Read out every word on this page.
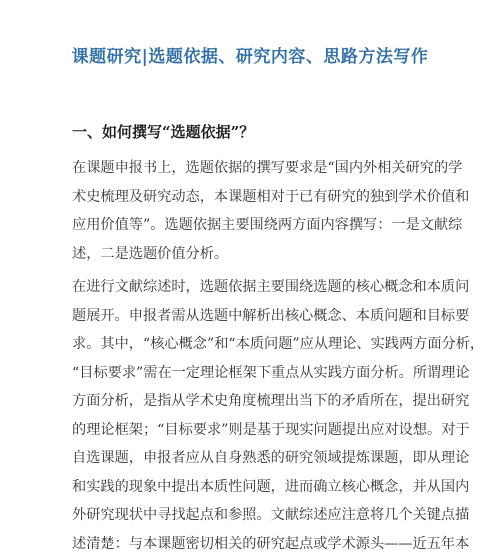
课题研究|选题依据、研究内容、思路方法写作
一、如何撰写“选题依据”？
在课题申报书上，选题依据的撰写要求是“国内外相关研究的学
术史梳理及研究动态，本课题相对于已有研究的独到学术价值和
应用价值等”。选题依据主要围绕两方面内容撰写：一是文献综
述，二是选题价值分析。
在进行文献综述时，选题依据主要围绕选题的核心概念和本质问
题展开。申报者需从选题中解析出核心概念、本质问题和目标要
求。其中，“核心概念”和“本质问题”应从理论、实践两方面分析，
“目标要求”需在一定理论框架下重点从实践方面分析。所谓理论
方面分析，是指从学术史角度梳理出当下的矛盾所在，提出研究
的理论框架；“目标要求”则是基于现实问题提出应对设想。对于
自选课题，申报者应从自身熟悉的研究领域提炼课题，即从理论
和实践的现象中提出本质性问题，进而确立核心概念，并从国内
外研究现状中寻找起点和参照。文献综述应注意将几个关键点描
述清楚：与本课题密切相关的研究起点或学术源头——近五年本
